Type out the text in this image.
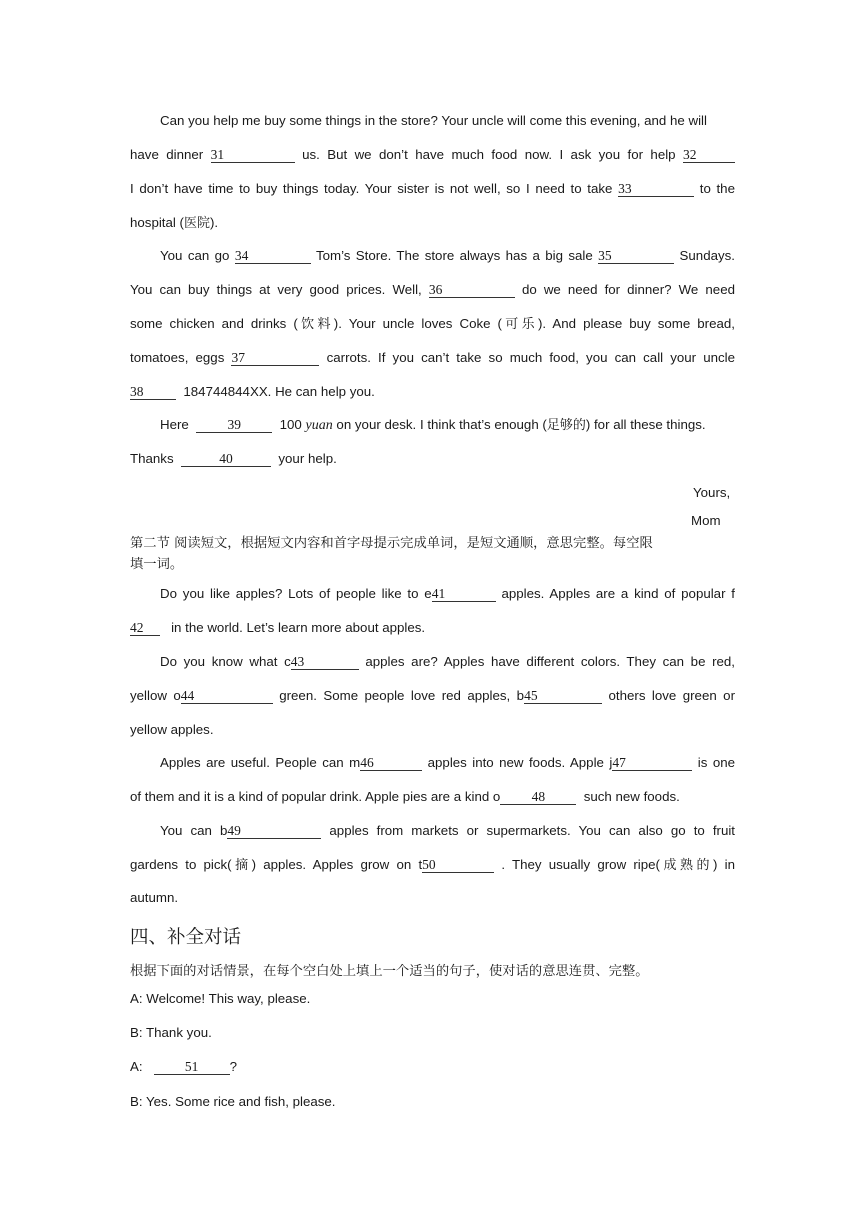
Can you help me buy some things in the store? Your uncle will come this evening, and he will
have dinner 31	us. But we don’t have much food now. I ask you for help 32
I don’t have time to buy things today. Your sister is not well, so I need to take 33	to the
hospital (医院).
You can go 34	Tom’s Store. The store always has a big sale 35	Sundays.
You can buy things at very good prices. Well, 36	do we need for dinner? We need
some chicken and drinks (饮料). Your uncle loves Coke (可乐). And please buy some bread,
tomatoes, eggs 37	carrots. If you can’t take so much food, you can call your uncle
38	184744844XX. He can help you.
Here	39	100 yuan on your desk. I think that’s enough (足够的) for all these things.
Thanks	40	your help.
Yours,
Mom
第二节 阅读短文，根据短文内容和首字母提示完成单词，是短文通顺，意思完整。每空限
填一词。
Do you like apples? Lots of people like to e41	apples. Apples are a kind of popular f
42 in the world. Let’s learn more about apples.
Do you know what c43	apples are? Apples have different colors. They can be red,
yellow o44	green. Some people love red apples, b45	others love green or
yellow apples.
Apples are useful. People can m46	apples into new foods. Apple j47	is one
of them and it is a kind of popular drink. Apple pies are a kind o 48	such new foods.
You can b49	apples from markets or supermarkets. You can also go to fruit
gardens to pick(摘) apples. Apples grow on t50	. They usually grow ripe(成熟的) in
autumn.
四、补全对话
根据下面的对话情景，在每个空白处上填上一个适当的句子，使对话的意思连贯、完整。
A: Welcome! This way, please.
B: Thank you.
A:	51 ?
B: Yes. Some rice and fish, please.
